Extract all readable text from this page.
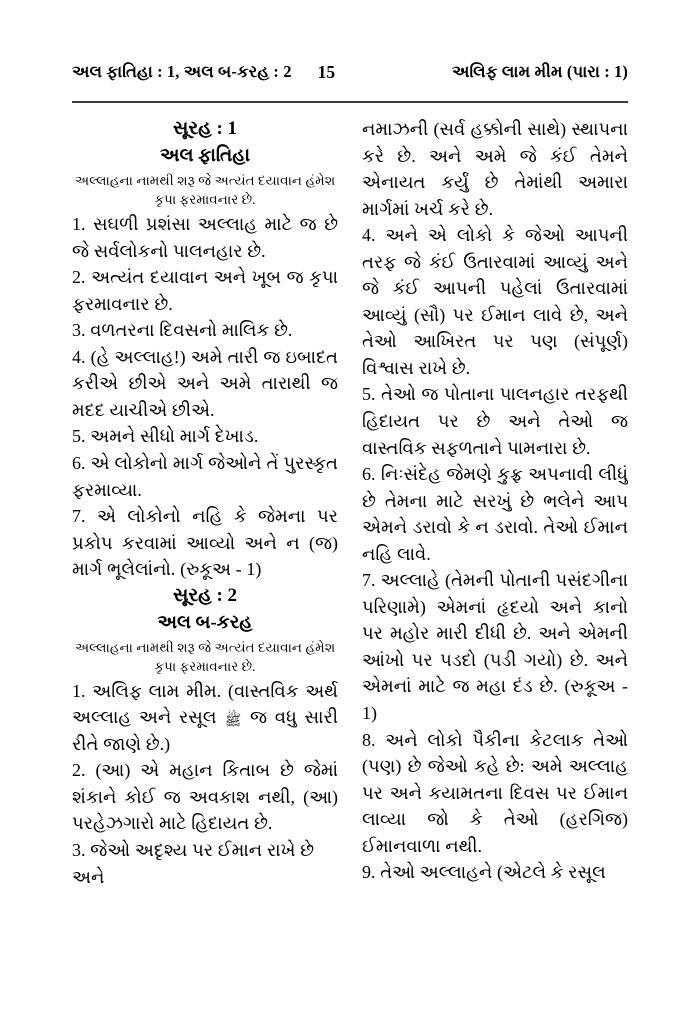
અલ ફાતિહા : 1, અલ બ-કરહ : 2 15	અલિફ લામ મીમ (પારા : 1)
સૂરહ : 1
અલ ફાતિહા
અલ્લાહના નામથી શરૂ જે અત્યંત દયાવાન હંમેશ કૃપા ફરમાવનાર છે.

1. સઘળી પ્રશંસા અલ્લાહ માટે જ છે જે સર્વલોકનો પાલનહાર છે.

2. અત્યંત દયાવાન અને ખૂબ જ કૃપા ફરમાવનાર છે.

3. વળતરના દિવસનો માલિક છે.

4. (હે અલ્લાહ!) અમે તારી જ ઇબાદત કરીએ છીએ અને અમે તારાથી જ મદદ યાચીએ છીએ.

5. અમને સીધો માર્ગ દેખાડ.

6. એ લોકોનો માર્ગ જેઓને તેં પુરસ્કૃત ફરમાવ્યા.

7. એ લોકોનો નહિ કે જેમના પર પ્રકોપ કરવામાં આવ્યો અને ન (જ) માર્ગ ભૂલેલાંનો. (રુકૂઅ - 1)

સૂરહ : 2
અલ બ-કરહ
અલ્લાહના નામથી શરૂ જે અત્યંત દયાવાન હંમેશ કૃપા ફરમાવનાર છે.

1. અલિફ લામ મીમ. (વાસ્તવિક અર્થ અલ્લાહ અને રસૂલ ﷺ જ વધુ સારી રીતે જાણે છે.)

2. (આ) એ મહાન કિતાબ છે જેમાં શંકાને કોઈ જ અવકાશ નથી, (આ) પરહેઝગારો માટે હિદાયત છે.

3. જેઓ અદૃશ્ય પર ઈમાન રાખે છે અને

નમાઝની (સર્વ હક્કોની સાથે) સ્થાપના કરે છે. અને અમે જે કંઈ તેમને એનાયત કર્યું છે તેમાંથી અમારા માર્ગમાં ખર્ચ કરે છે.

4. અને એ લોકો કે જેઓ આપની તરફ જે કંઈ ઉતારવામાં આવ્યું અને જે કંઈ આપની પહેલાં ઉતારવામાં આવ્યું (સૌ) પર ઈમાન લાવે છે, અને તેઓ આખિરત પર પણ (સંપૂર્ણ) વિશ્વાસ રાખે છે.

5. તેઓ જ પોતાના પાલનહાર તરફથી હિદાયત પર છે અને તેઓ જ વાસ્તવિક સફળતાને પામનારા છે.

6. નિઃસંદેહ જેમણે કુફ્ર અપનાવી લીધું છે તેમના માટે સરખું છે ભલેને આપ એમને ડરાવો કે ન ડરાવો. તેઓ ઈમાન નહિ લાવે.

7. અલ્લાહે (તેમની પોતાની પસંદગીના પરિણામે) એમનાં હૃદયો અને કાનો પર મહોર મારી દીધી છે. અને એમની આંખો પર પડદો (પડી ગયો) છે. અને એમનાં માટે જ મહા દંડ છે. (રુકૂઅ - 1)

8. અને લોકો પૈકીના કેટલાક તેઓ (પણ) છે જેઓ કહે છે: અમે અલ્લાહ પર અને કયામતના દિવસ પર ઈમાન લાવ્યા જો કે તેઓ (હરગિજ) ઈમાનવાળા નથી.

9. તેઓ અલ્લાહને (એટલે કે રસૂલ
